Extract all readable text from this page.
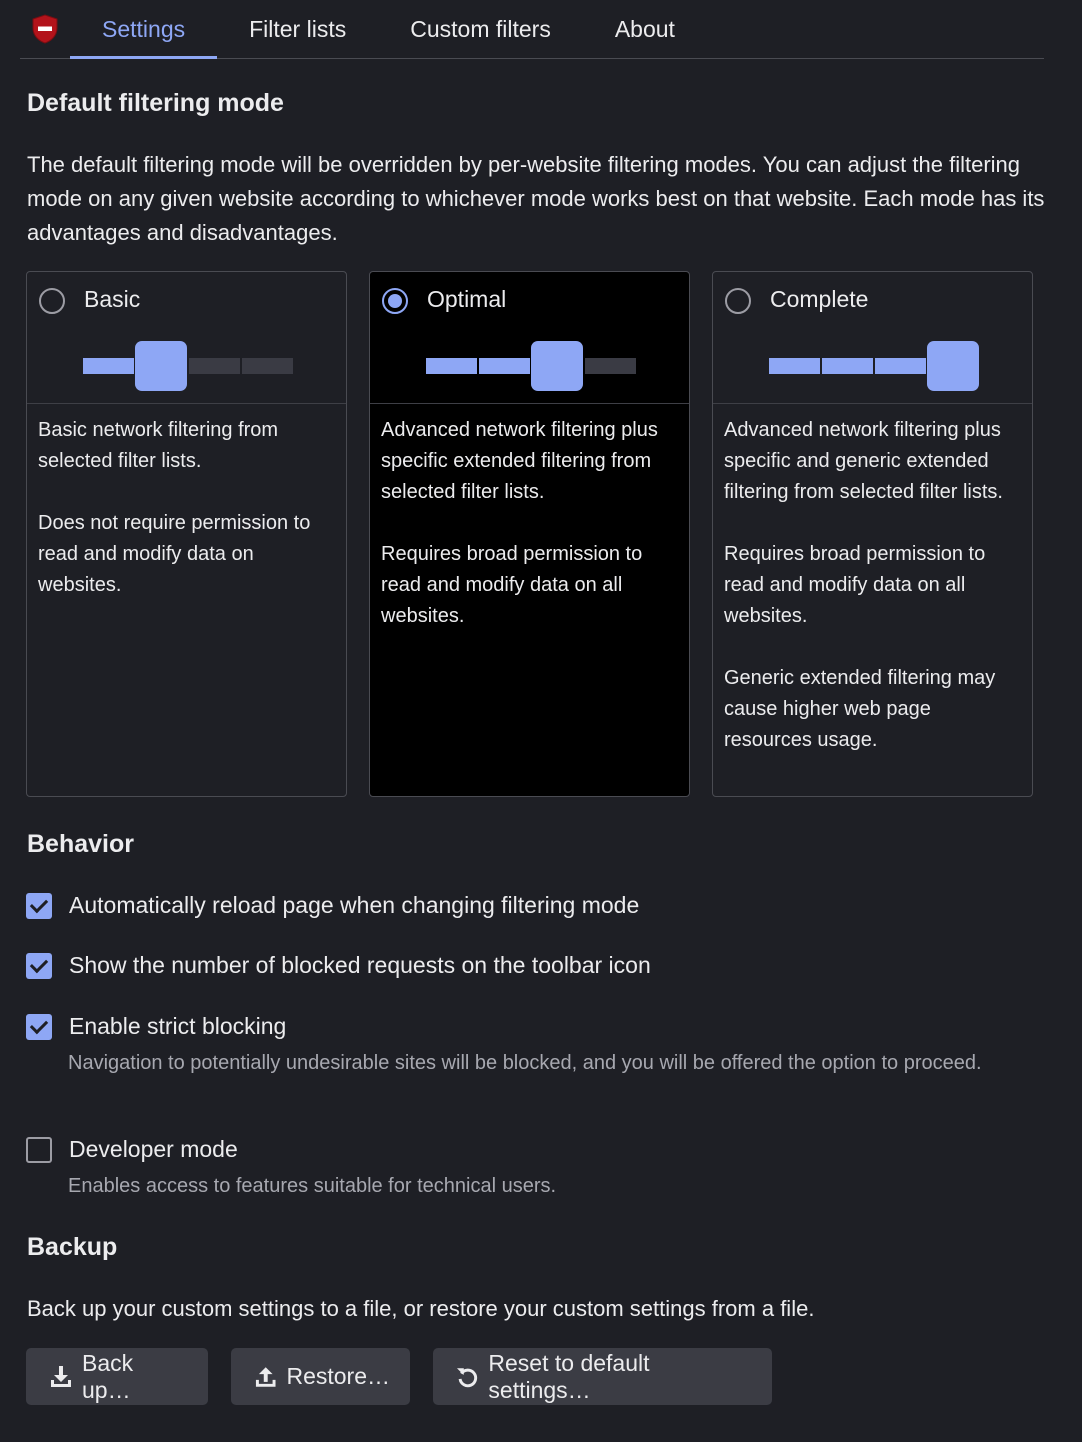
Settings	Filter lists	Custom filters	About
Default filtering mode

The default filtering mode will be overridden by per-website filtering modes. You can adjust the filtering mode on any given website according to whichever mode works best on that website. Each mode has its advantages and disadvantages.

Basic

Basic network filtering from selected filter lists.

Does not require permission to read and modify data on websites.

Optimal

Advanced network filtering plus specific extended filtering from selected filter lists.

Requires broad permission to read and modify data on all websites.

Complete

Advanced network filtering plus specific and generic extended filtering from selected filter lists.

Requires broad permission to read and modify data on all websites.

Generic extended filtering may cause higher web page resources usage.

Behavior
Automatically reload page when changing filtering mode
Show the number of blocked requests on the toolbar icon
Enable strict blocking
Navigation to potentially undesirable sites will be blocked, and you will be offered the option to proceed.
Developer mode
Enables access to features suitable for technical users.
Backup

Back up your custom settings to a file, or restore your custom settings from a file.

Back up…
Restore…
Reset to default settings…
